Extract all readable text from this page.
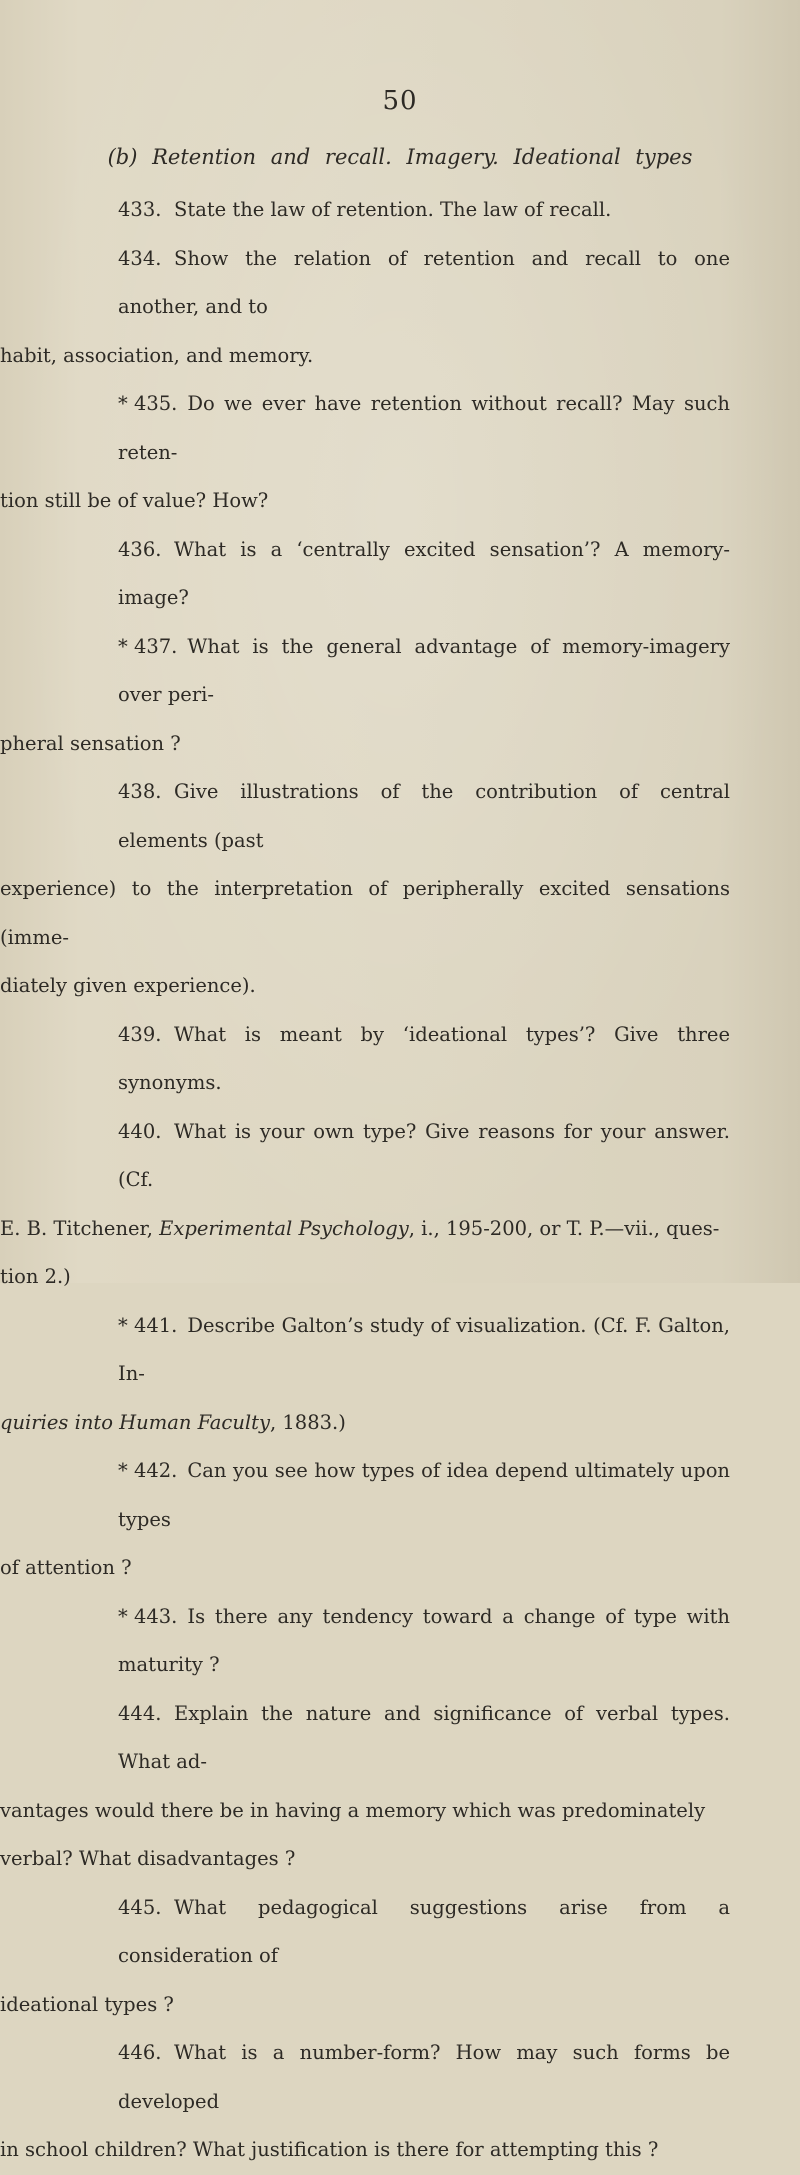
50
(b) Retention and recall. Imagery. Ideational types

433. State the law of retention. The law of recall.

434. Show the relation of retention and recall to one another, and to
habit, association, and memory.

* 435. Do we ever have retention without recall? May such reten-
tion still be of value? How?

436. What is a ‘centrally excited sensation’? A memory-image?

* 437. What is the general advantage of memory-imagery over peri-
pheral sensation ?

438. Give illustrations of the contribution of central elements (past
experience) to the interpretation of peripherally excited sensations (imme-
diately given experience).

439. What is meant by ‘ideational types’? Give three synonyms.

440. What is your own type? Give reasons for your answer. (Cf.
E. B. Titchener, Experimental Psychology, i., 195-200, or T. P.—vii., ques-
tion 2.)

* 441. Describe Galton’s study of visualization. (Cf. F. Galton, In-
quiries into Human Faculty, 1883.)

* 442. Can you see how types of idea depend ultimately upon types
of attention ?

* 443. Is there any tendency toward a change of type with maturity ?

444. Explain the nature and significance of verbal types. What ad-
vantages would there be in having a memory which was predominately
verbal? What disadvantages ?

445. What pedagogical suggestions arise from a consideration of
ideational types ?

446. What is a number-form? How may such forms be developed
in school children? What justification is there for attempting this ?
